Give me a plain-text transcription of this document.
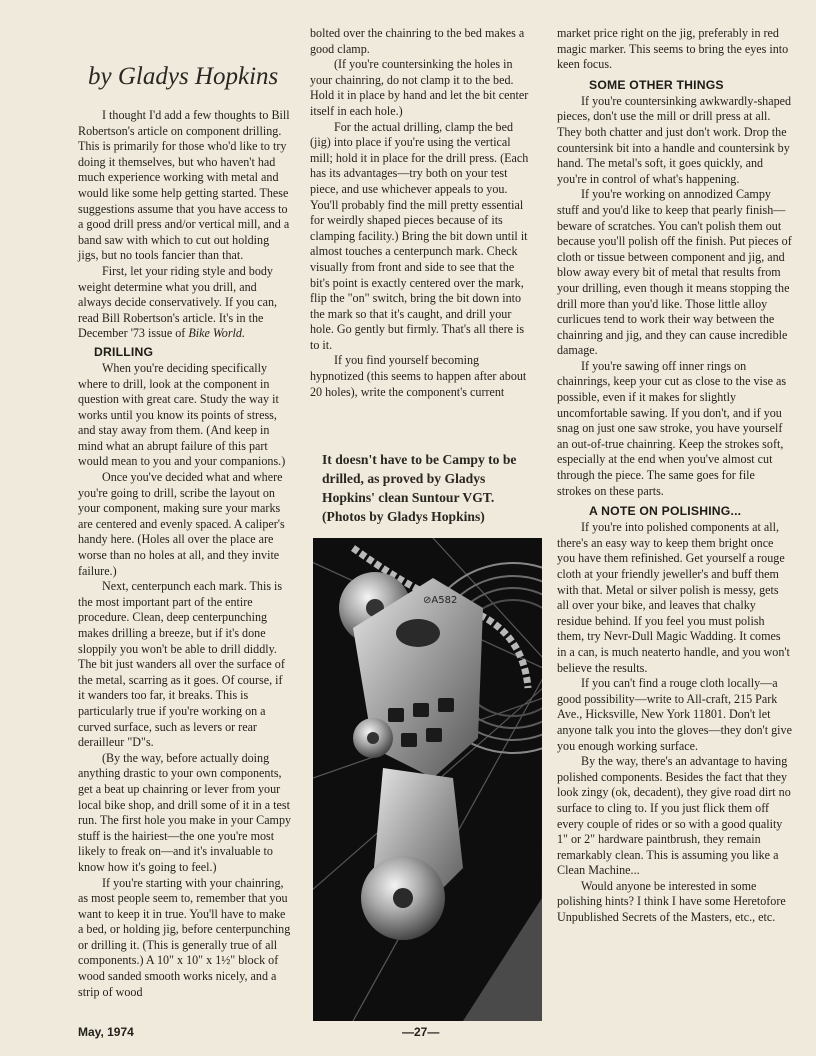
by Gladys Hopkins

I thought I'd add a few thoughts to Bill Robertson's article on component drilling. This is primarily for those who'd like to try doing it themselves, but who haven't had much experience working with metal and would like some help getting started. These suggestions assume that you have access to a good drill press and/or vertical mill, and a band saw with which to cut out holding jigs, but no tools fancier than that.

First, let your riding style and body weight determine what you drill, and always decide conservatively. If you can, read Bill Robertson's article. It's in the December '73 issue of Bike World.

DRILLING

When you're deciding specifically where to drill, look at the component in question with great care. Study the way it works until you know its points of stress, and stay away from them. (And keep in mind what an abrupt failure of this part would mean to you and your companions.)

Once you've decided what and where you're going to drill, scribe the layout on your component, making sure your marks are centered and evenly spaced. A caliper's handy here. (Holes all over the place are worse than no holes at all, and they invite failure.)

Next, centerpunch each mark. This is the most important part of the entire procedure. Clean, deep centerpunching makes drilling a breeze, but if it's done sloppily you won't be able to drill diddly. The bit just wanders all over the surface of the metal, scarring as it goes. Of course, if it wanders too far, it breaks. This is particularly true if you're working on a curved surface, such as levers or rear derailleur "D"s.

(By the way, before actually doing anything drastic to your own components, get a beat up chainring or lever from your local bike shop, and drill some of it in a test run. The first hole you make in your Campy stuff is the hairiest—the one you're most likely to freak on—and it's invaluable to know how it's going to feel.)

If you're starting with your chainring, as most people seem to, remember that you want to keep it in true. You'll have to make a bed, or holding jig, before centerpunching or drilling it. (This is generally true of all components.) A 10" x 10" x 1½" block of wood sanded smooth works nicely, and a strip of wood

bolted over the chainring to the bed makes a good clamp.

(If you're countersinking the holes in your chainring, do not clamp it to the bed. Hold it in place by hand and let the bit center itself in each hole.)

For the actual drilling, clamp the bed (jig) into place if you're using the vertical mill; hold it in place for the drill press. (Each has its advantages—try both on your test piece, and use whichever appeals to you. You'll probably find the mill pretty essential for weirdly shaped pieces because of its clamping facility.) Bring the bit down until it almost touches a centerpunch mark. Check visually from front and side to see that the bit's point is exactly centered over the mark, flip the "on" switch, bring the bit down into the mark so that it's caught, and drill your hole. Go gently but firmly. That's all there is to it.

If you find yourself becoming hypnotized (this seems to happen after about 20 holes), write the component's current

It doesn't have to be Campy to be drilled, as proved by Gladys Hopkins' clean Suntour VGT. (Photos by Gladys Hopkins)
⊘A582

market price right on the jig, preferably in red magic marker. This seems to bring the eyes into keen focus.

SOME OTHER THINGS

If you're countersinking awkwardly-shaped pieces, don't use the mill or drill press at all. They both chatter and just don't work. Drop the countersink bit into a handle and countersink by hand. The metal's soft, it goes quickly, and you're in control of what's happening.

If you're working on annodized Campy stuff and you'd like to keep that pearly finish—beware of scratches. You can't polish them out because you'll polish off the finish. Put pieces of cloth or tissue between component and jig, and blow away every bit of metal that results from your drilling, even though it means stopping the drill more than you'd like. Those little alloy curlicues tend to work their way between the chainring and jig, and they can cause incredible damage.

If you're sawing off inner rings on chainrings, keep your cut as close to the vise as possible, even if it makes for slightly uncomfortable sawing. If you don't, and if you snag on just one saw stroke, you have yourself an out-of-true chainring. Keep the strokes soft, especially at the end when you've almost cut through the piece. The same goes for file strokes on these parts.

A NOTE ON POLISHING...

If you're into polished components at all, there's an easy way to keep them bright once you have them refinished. Get yourself a rouge cloth at your friendly jeweller's and buff them with that. Metal or silver polish is messy, gets all over your bike, and leaves that chalky residue behind. If you feel you must polish them, try Nevr-Dull Magic Wadding. It comes in a can, is much neaterto handle, and you won't believe the results.

If you can't find a rouge cloth locally—a good possibility—write to All-craft, 215 Park Ave., Hicksville, New York 11801. Don't let anyone talk you into the gloves—they don't give you enough working surface.

By the way, there's an advantage to having polished components. Besides the fact that they look zingy (ok, decadent), they give road dirt no surface to cling to. If you just flick them off every couple of rides or so with a good quality 1" or 2" hardware paintbrush, they remain remarkably clean. This is assuming you like a Clean Machine...

Would anyone be interested in some polishing hints? I think I have some Heretofore Unpublished Secrets of the Masters, etc., etc.

May, 1974	—27—
